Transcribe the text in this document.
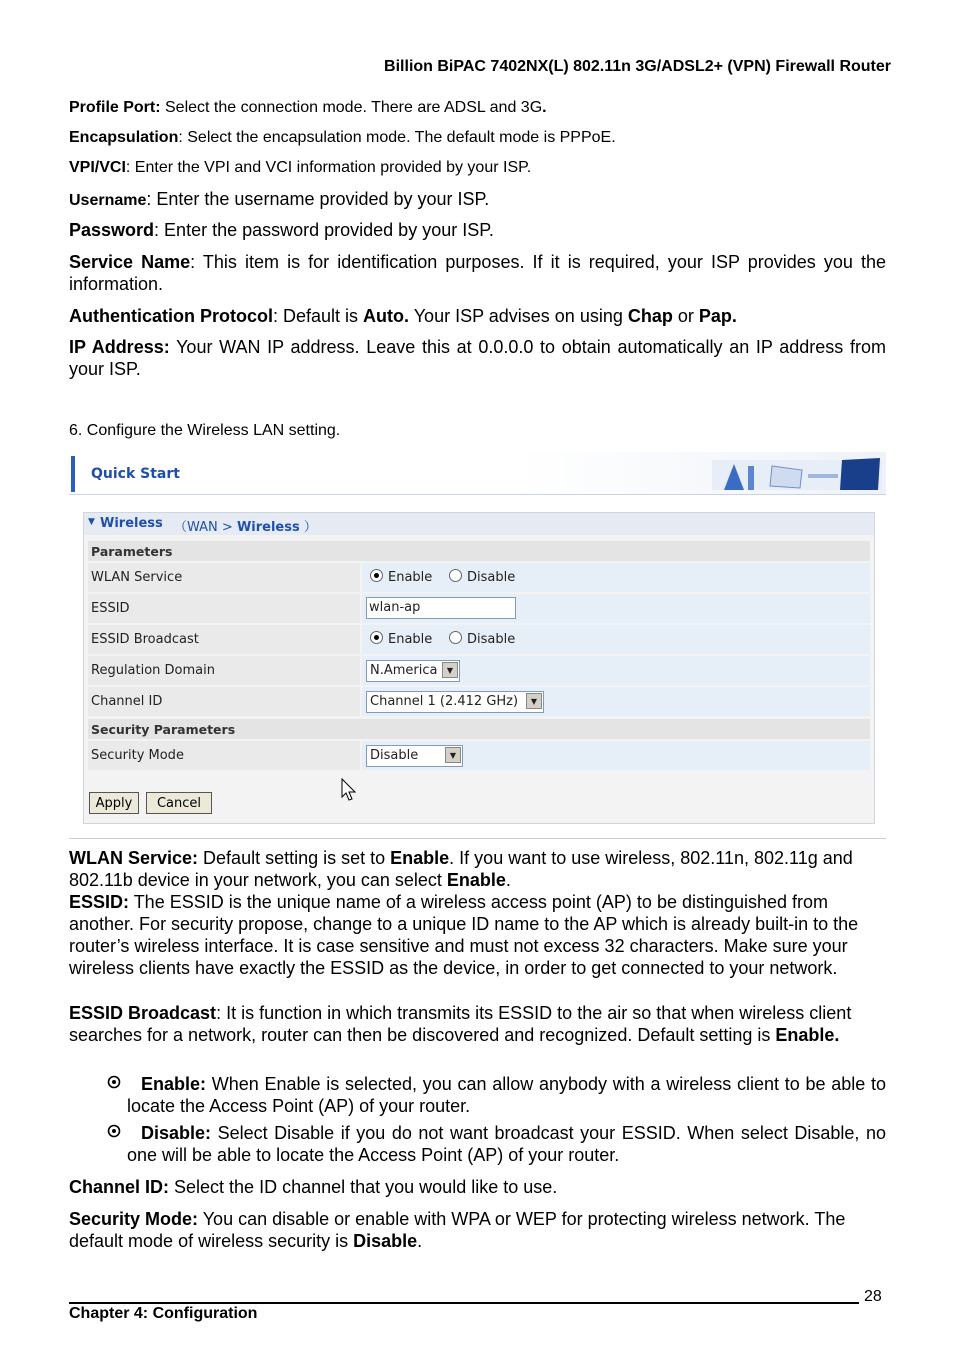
Billion BiPAC 7402NX(L) 802.11n 3G/ADSL2+ (VPN) Firewall Router

Profile Port: Select the connection mode. There are ADSL and 3G.

Encapsulation: Select the encapsulation mode. The default mode is PPPoE.

VPI/VCI: Enter the VPI and VCI information provided by your ISP.

Username: Enter the username provided by your ISP.

Password: Enter the password provided by your ISP.

Service Name: This item is for identification purposes. If it is required, your ISP provides you the information.

Authentication Protocol: Default is Auto. Your ISP advises on using Chap or Pap.

IP Address: Your WAN IP address. Leave this at 0.0.0.0 to obtain automatically an IP address from your ISP.

6. Configure the Wireless LAN setting.

Quick Start
▼ Wireless （WAN > Wireless ）
Parameters
WLAN Service	Enable	Disable
ESSID	wlan-ap
ESSID Broadcast	Enable	Disable
Regulation Domain	N.America	▼
Channel ID	Channel 1 (2.412 GHz)	▼
Security Parameters
Security Mode	Disable	▼
Apply	Cancel

WLAN Service: Default setting is set to Enable. If you want to use wireless, 802.11n, 802.11g and 802.11b device in your network, you can select Enable.

ESSID: The ESSID is the unique name of a wireless access point (AP) to be distinguished from another. For security propose, change to a unique ID name to the AP which is already built-in to the router’s wireless interface. It is case sensitive and must not excess 32 characters. Make sure your wireless clients have exactly the ESSID as the device, in order to get connected to your network.

ESSID Broadcast: It is function in which transmits its ESSID to the air so that when wireless client searches for a network, router can then be discovered and recognized. Default setting is Enable.

Enable: When Enable is selected, you can allow anybody with a wireless client to be able to locate the Access Point (AP) of your router.
Disable: Select Disable if you do not want broadcast your ESSID. When select Disable, no one will be able to locate the Access Point (AP) of your router.

Channel ID: Select the ID channel that you would like to use.

Security Mode: You can disable or enable with WPA or WEP for protecting wireless network. The default mode of wireless security is Disable.

28
Chapter 4: Configuration
